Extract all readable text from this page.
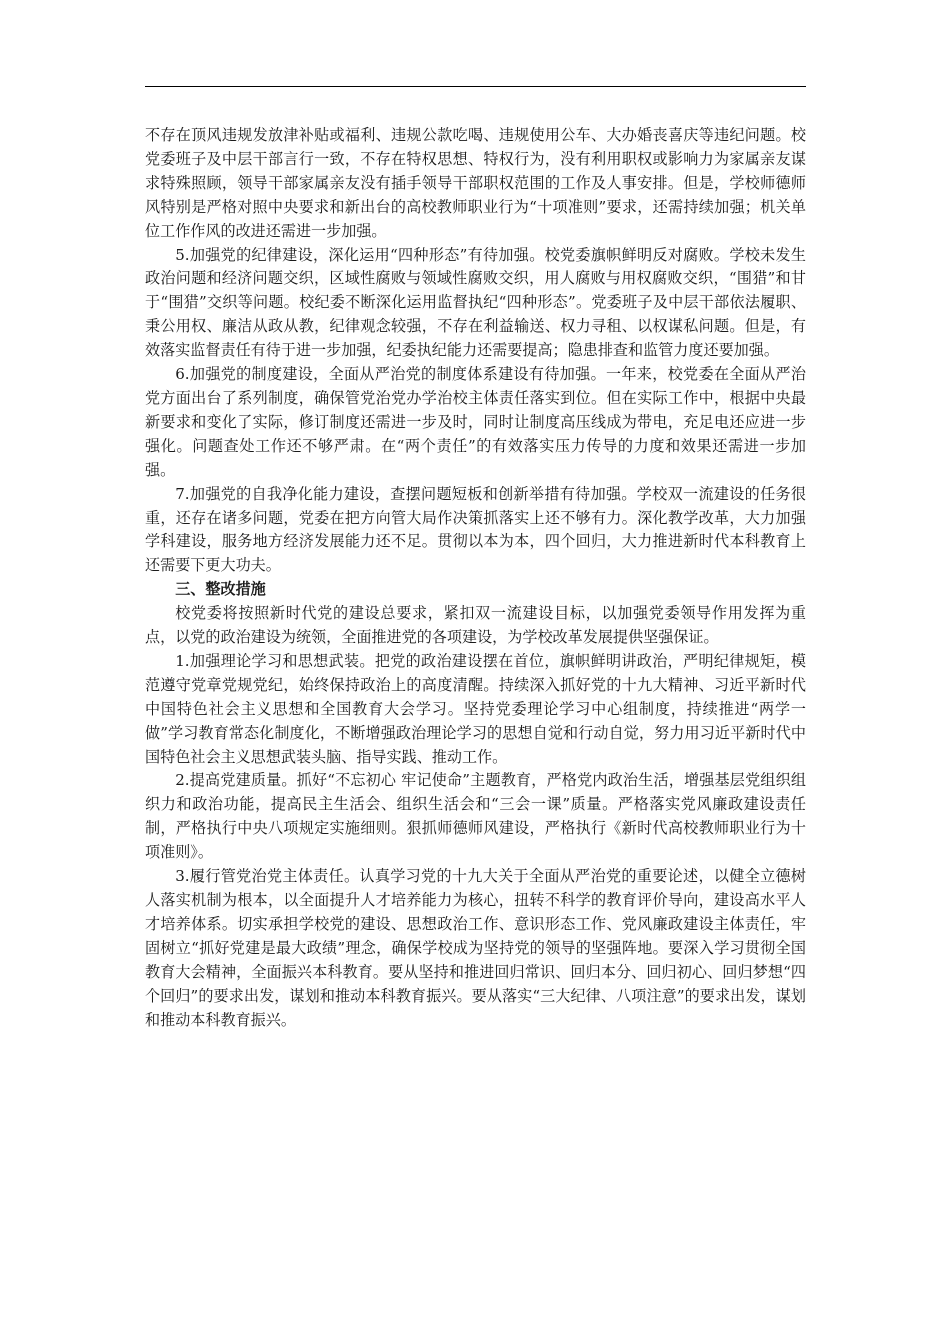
不存在顶风违规发放津补贴或福利、违规公款吃喝、违规使用公车、大办婚丧喜庆等违纪问题。校党委班子及中层干部言行一致，不存在特权思想、特权行为，没有利用职权或影响力为家属亲友谋求特殊照顾，领导干部家属亲友没有插手领导干部职权范围的工作及人事安排。但是，学校师德师风特别是严格对照中央要求和新出台的高校教师职业行为“十项准则”要求，还需持续加强；机关单位工作作风的改进还需进一步加强。

5.加强党的纪律建设，深化运用“四种形态”有待加强。校党委旗帜鲜明反对腐败。学校未发生政治问题和经济问题交织，区域性腐败与领域性腐败交织，用人腐败与用权腐败交织，“围猎”和甘于“围猎”交织等问题。校纪委不断深化运用监督执纪“四种形态”。党委班子及中层干部依法履职、秉公用权、廉洁从政从教，纪律观念较强，不存在利益输送、权力寻租、以权谋私问题。但是，有效落实监督责任有待于进一步加强，纪委执纪能力还需要提高；隐患排查和监管力度还要加强。

6.加强党的制度建设，全面从严治党的制度体系建设有待加强。一年来，校党委在全面从严治党方面出台了系列制度，确保管党治党办学治校主体责任落实到位。但在实际工作中，根据中央最新要求和变化了实际，修订制度还需进一步及时，同时让制度高压线成为带电，充足电还应进一步强化。问题查处工作还不够严肃。在“两个责任”的有效落实压力传导的力度和效果还需进一步加强。

7.加强党的自我净化能力建设，查摆问题短板和创新举措有待加强。学校双一流建设的任务很重，还存在诸多问题，党委在把方向管大局作决策抓落实上还不够有力。深化教学改革，大力加强学科建设，服务地方经济发展能力还不足。贯彻以本为本，四个回归，大力推进新时代本科教育上还需要下更大功夫。

三、整改措施

校党委将按照新时代党的建设总要求，紧扣双一流建设目标，以加强党委领导作用发挥为重点，以党的政治建设为统领，全面推进党的各项建设，为学校改革发展提供坚强保证。

1.加强理论学习和思想武装。把党的政治建设摆在首位，旗帜鲜明讲政治，严明纪律规矩，模范遵守党章党规党纪，始终保持政治上的高度清醒。持续深入抓好党的十九大精神、习近平新时代中国特色社会主义思想和全国教育大会学习。坚持党委理论学习中心组制度，持续推进“两学一做”学习教育常态化制度化，不断增强政治理论学习的思想自觉和行动自觉，努力用习近平新时代中国特色社会主义思想武装头脑、指导实践、推动工作。

2.提高党建质量。抓好“不忘初心 牢记使命”主题教育，严格党内政治生活，增强基层党组织组织力和政治功能，提高民主生活会、组织生活会和“三会一课”质量。严格落实党风廉政建设责任制，严格执行中央八项规定实施细则。狠抓师德师风建设，严格执行《新时代高校教师职业行为十项准则》。

3.履行管党治党主体责任。认真学习党的十九大关于全面从严治党的重要论述，以健全立德树人落实机制为根本，以全面提升人才培养能力为核心，扭转不科学的教育评价导向，建设高水平人才培养体系。切实承担学校党的建设、思想政治工作、意识形态工作、党风廉政建设主体责任，牢固树立“抓好党建是最大政绩”理念，确保学校成为坚持党的领导的坚强阵地。要深入学习贯彻全国教育大会精神，全面振兴本科教育。要从坚持和推进回归常识、回归本分、回归初心、回归梦想“四个回归”的要求出发，谋划和推动本科教育振兴。要从落实“三大纪律、八项注意”的要求出发，谋划和推动本科教育振兴。
